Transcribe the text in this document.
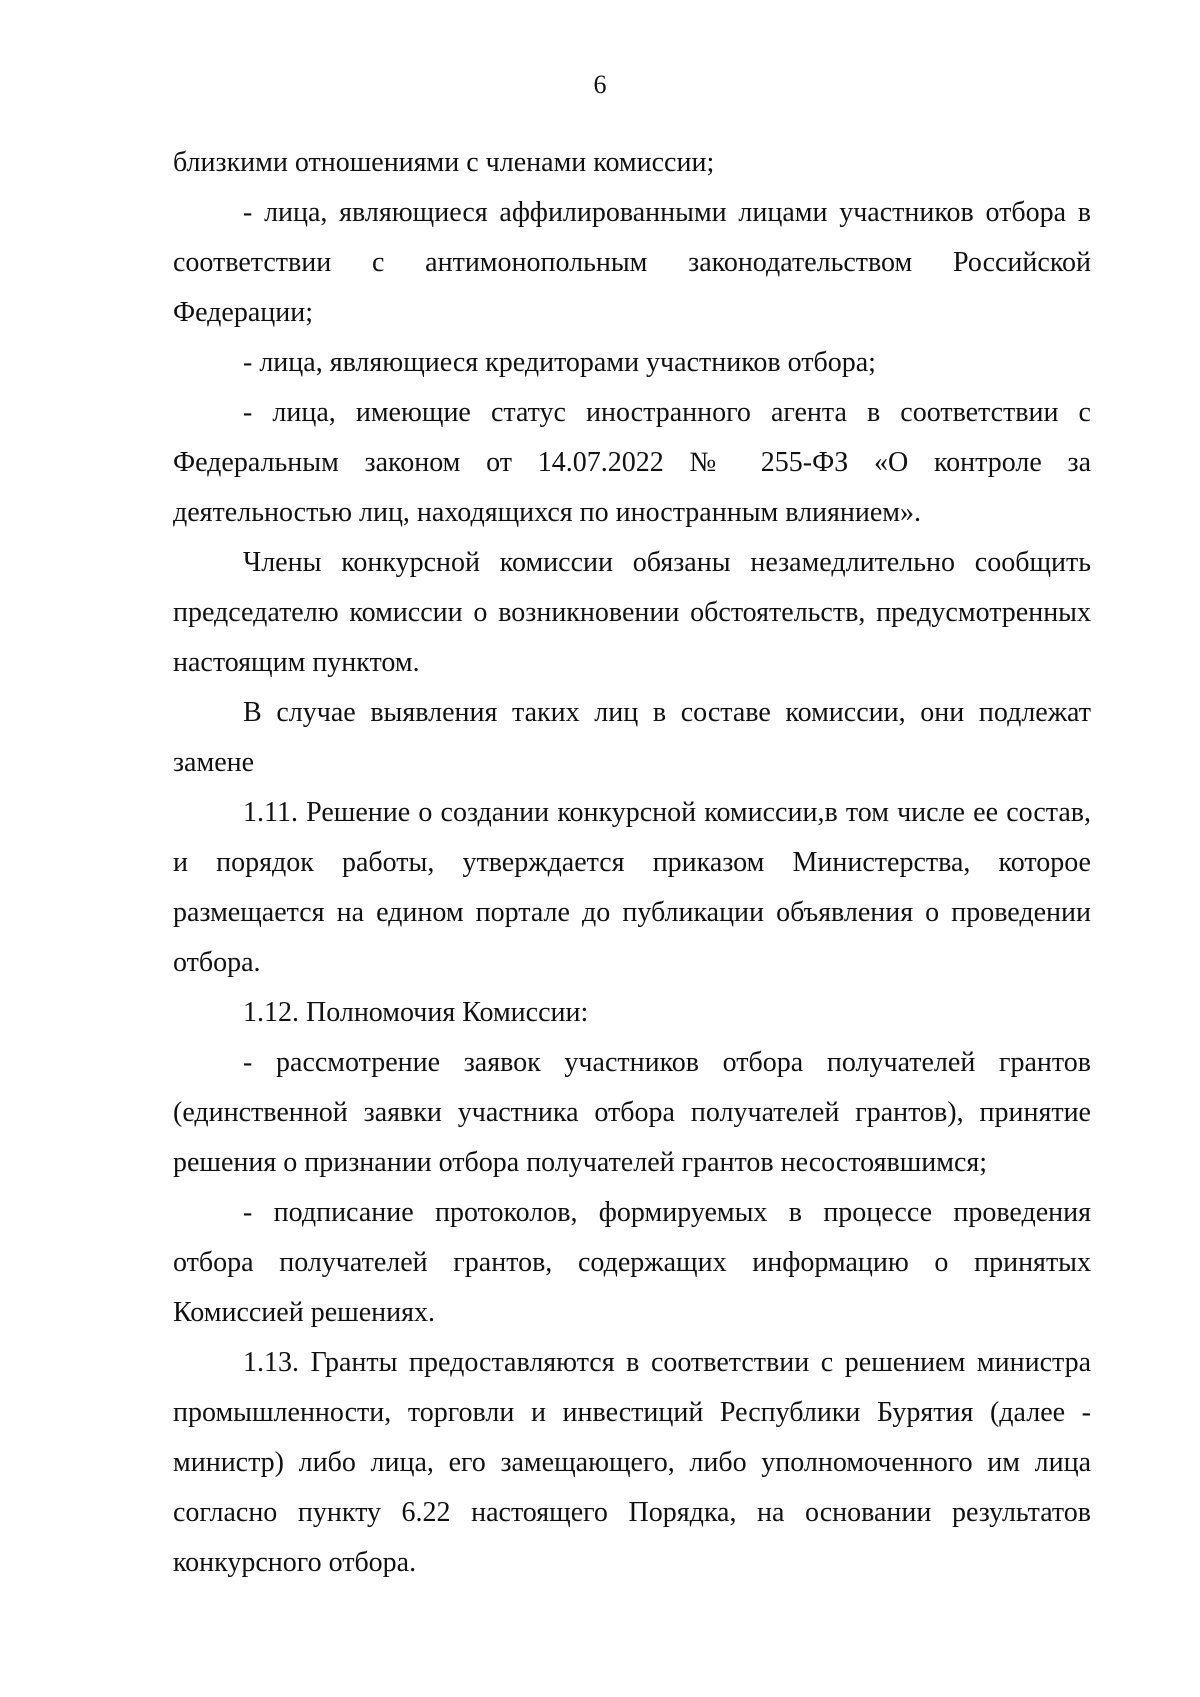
6

близкими отношениями с членами комиссии;

- лица, являющиеся аффилированными лицами участников отбора в соответствии с антимонопольным законодательством Российской Федерации;

- лица, являющиеся кредиторами участников отбора;

- лица, имеющие статус иностранного агента в соответствии с Федеральным законом от 14.07.2022 № 255-ФЗ «О контроле за деятельностью лиц, находящихся по иностранным влиянием».

Члены конкурсной комиссии обязаны незамедлительно сообщить председателю комиссии о возникновении обстоятельств, предусмотренных настоящим пунктом.

В случае выявления таких лиц в составе комиссии, они подлежат замене

1.11. Решение о создании конкурсной комиссии,в том числе ее состав, и порядок работы, утверждается приказом Министерства, которое размещается на едином портале до публикации объявления о проведении отбора.

1.12. Полномочия Комиссии:

- рассмотрение заявок участников отбора получателей грантов (единственной заявки участника отбора получателей грантов), принятие решения о признании отбора получателей грантов несостоявшимся;

- подписание протоколов, формируемых в процессе проведения отбора получателей грантов, содержащих информацию о принятых Комиссией решениях.

1.13. Гранты предоставляются в соответствии с решением министра промышленности, торговли и инвестиций Республики Бурятия (далее - министр) либо лица, его замещающего, либо уполномоченного им лица согласно пункту 6.22 настоящего Порядка, на основании результатов конкурсного отбора.
